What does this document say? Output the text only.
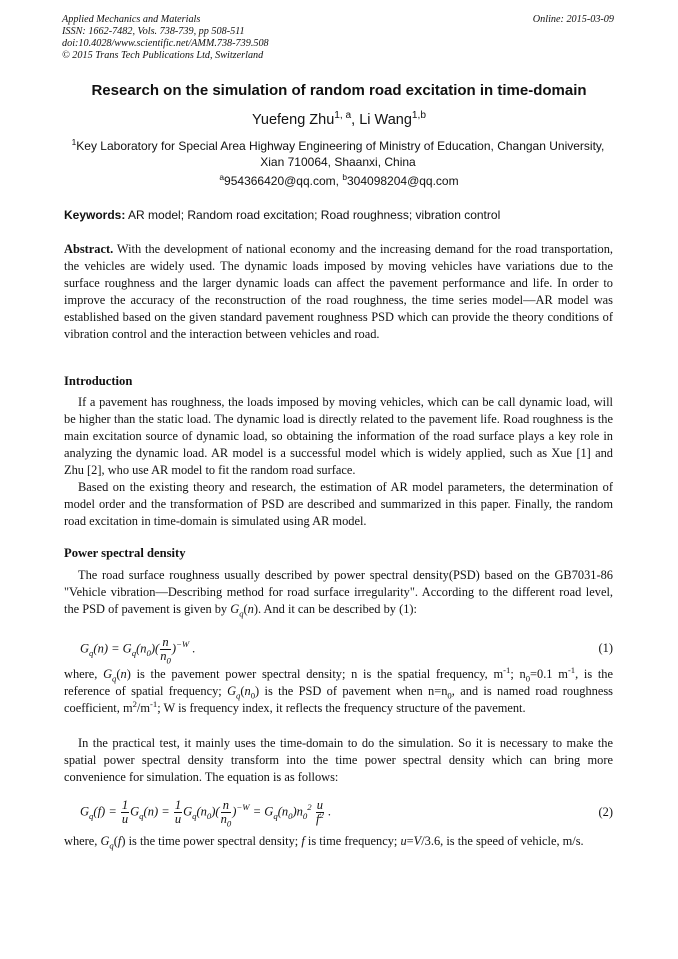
Applied Mechanics and Materials
ISSN: 1662-7482, Vols. 738-739, pp 508-511
doi:10.4028/www.scientific.net/AMM.738-739.508
© 2015 Trans Tech Publications Ltd, Switzerland
Online: 2015-03-09
Research on the simulation of random road excitation in time-domain
Yuefeng Zhu$^{1, a}$, Li Wang$^{1,b}$
$^1$Key Laboratory for Special Area Highway Engineering of Ministry of Education, Changan University, Xian 710064, Shaanxi, China
$^a$954366420@qq.com, $^b$304098204@qq.com
Keywords: AR model; Random road excitation; Road roughness; vibration control
Abstract. With the development of national economy and the increasing demand for the road transportation, the vehicles are widely used. The dynamic loads imposed by moving vehicles have variations due to the surface roughness and the larger dynamic loads can affect the pavement performance and life. In order to improve the accuracy of the reconstruction of the road roughness, the time series model—AR model was established based on the given standard pavement roughness PSD which can provide the theory conditions of vibration control and the interaction between vehicles and road.
Introduction
If a pavement has roughness, the loads imposed by moving vehicles, which can be call dynamic load, will be higher than the static load. The dynamic load is directly related to the pavement life. Road roughness is the main excitation source of dynamic load, so obtaining the information of the road surface plays a key role in analyzing the dynamic load. AR model is a successful model which is widely applied, such as Xue [1] and Zhu [2], who use AR model to fit the random road surface.
Based on the existing theory and research, the estimation of AR model parameters, the determination of model order and the transformation of PSD are described and summarized in this paper. Finally, the random road excitation in time-domain is simulated using AR model.
Power spectral density
The road surface roughness usually described by power spectral density(PSD) based on the GB7031-86 "Vehicle vibration—Describing method for road surface irregularity". According to the different road level, the PSD of pavement is given by $G_q(n)$. And it can be described by (1):
$G_q(n) = G_q(n_0)( \frac{n}{n_0} )^{-W}$ .	(1)
where, $G_q(n)$ is the pavement power spectral density; n is the spatial frequency, $m^{-1}$; $n_0=0.1$ $m^{-1}$, is the reference of spatial frequency; $G_q(n_0)$ is the PSD of pavement when $n=n_0$, and is named road roughness coefficient, $m^2/m^{-1}$; W is frequency index, it reflects the frequency structure of the pavement.
In the practical test, it mainly uses the time-domain to do the simulation. So it is necessary to make the spatial power spectral density transform into the time power spectral density which can bring more convenience for simulation. The equation is as follows:
$G_q(f) = \frac{1}{u} G_q(n) = \frac{1}{u} G_q(n_0)( \frac{n}{n_0} )^{-W} = G_q(n_0)n_0^2 \frac{u}{f^2}$ .	(2)
where, $G_q(f)$ is the time power spectral density; f is time frequency; u=V/3.6, is the speed of vehicle, m/s.
